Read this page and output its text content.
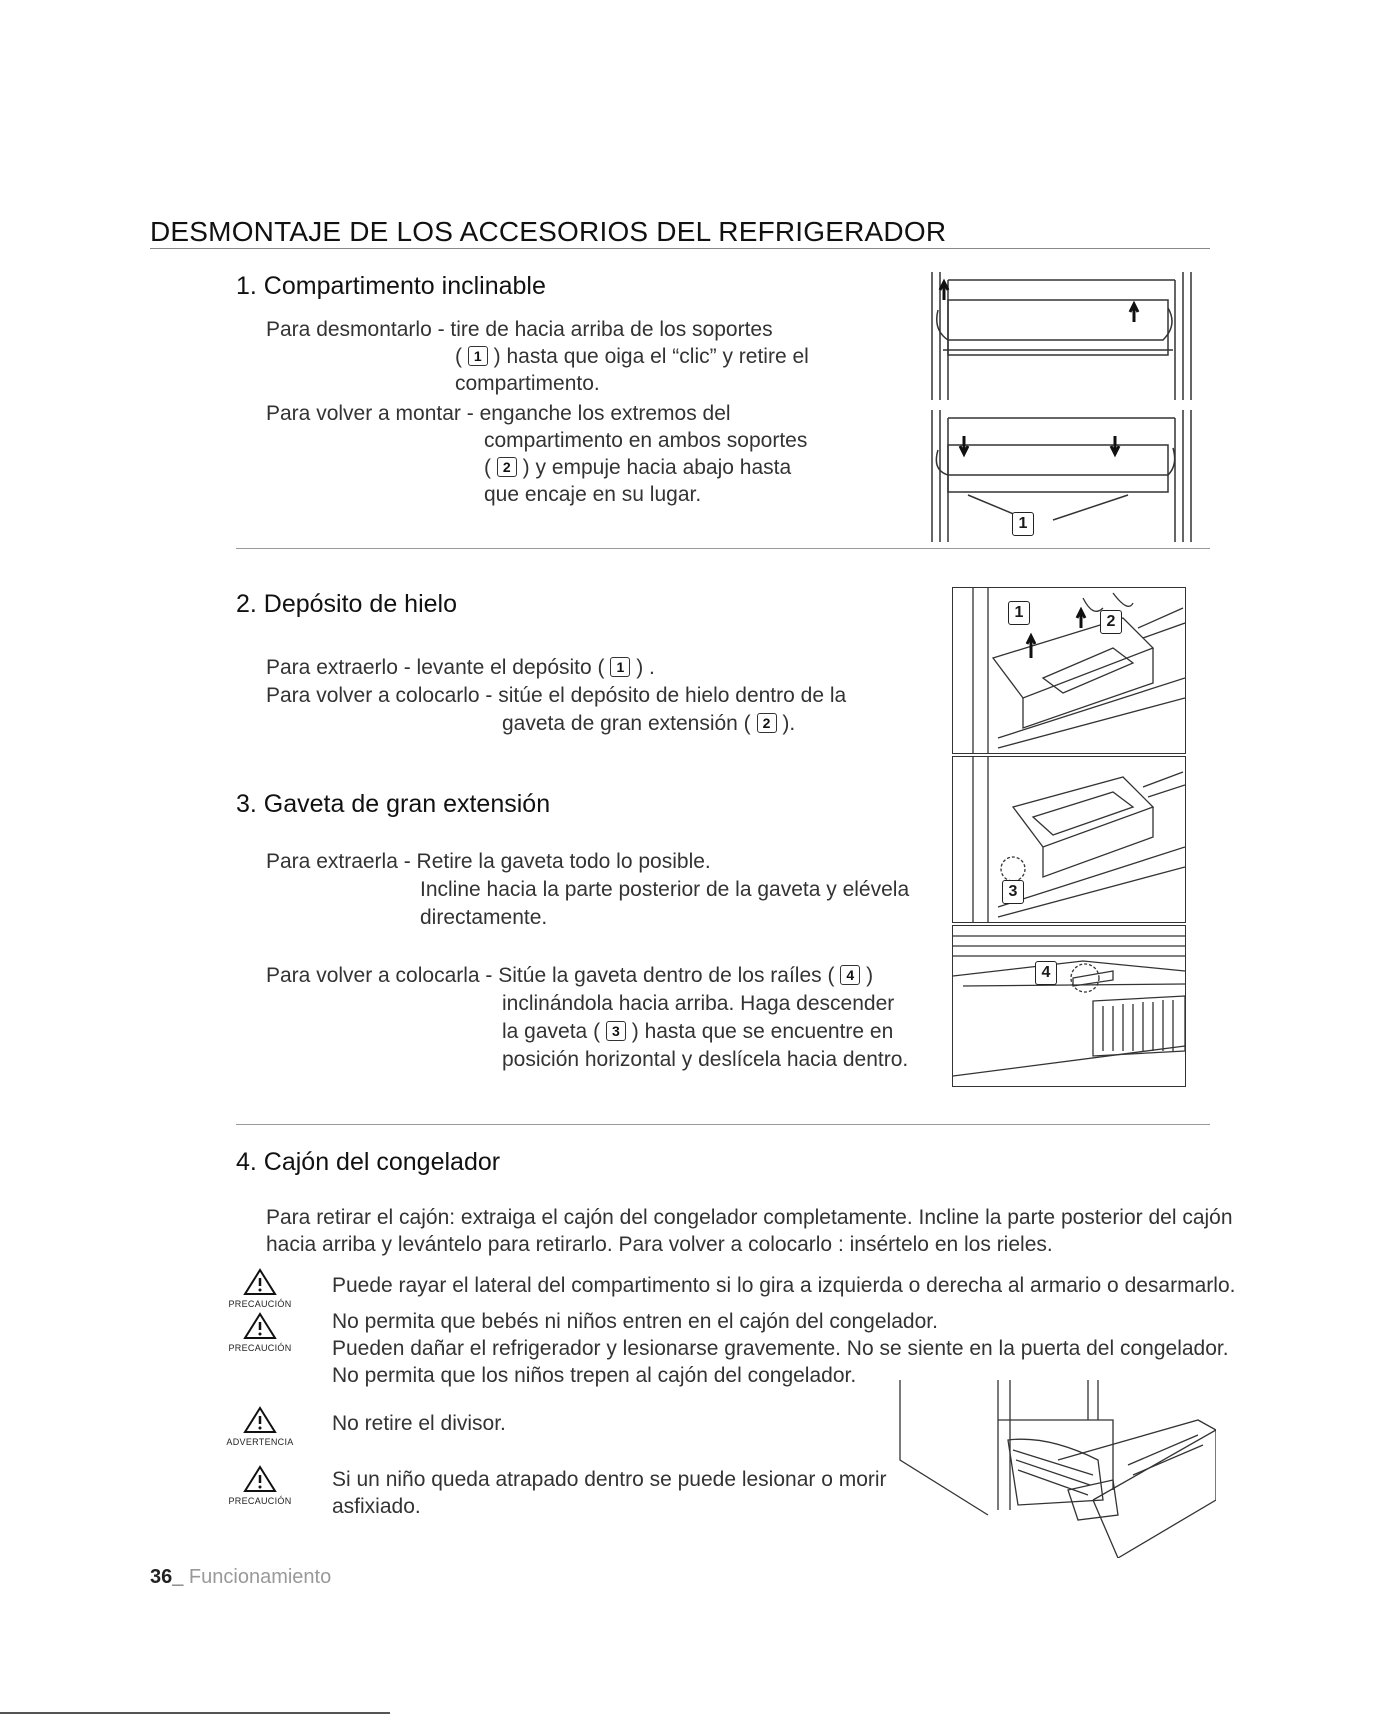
DESMONTAJE DE LOS ACCESORIOS DEL REFRIGERADOR
1. Compartimento inclinable
Para desmontarlo - tire de hacia arriba de los soportes
( 1 ) hasta que oiga el “clic” y retire el
compartimento.
Para volver a montar - enganche los extremos del
compartimento en ambos soportes
( 2 ) y empuje hacia abajo hasta
que encaje en su lugar.
1
2. Depósito de hielo
Para extraerlo - levante el depósito ( 1 ) .
Para volver a colocarlo - sitúe el depósito de hielo dentro de la
gaveta de gran extensión ( 2 ).
1
2
3. Gaveta de gran extensión
Para extraerla - Retire la gaveta todo lo posible.
Incline hacia la parte posterior de la gaveta y elévela
directamente.
Para volver a colocarla - Sitúe la gaveta dentro de los raíles ( 4 )
inclinándola hacia arriba. Haga descender
la gaveta ( 3 ) hasta que se encuentre en
posición horizontal y deslícela hacia dentro.
3
4
4. Cajón del congelador
Para retirar el cajón: extraiga el cajón del congelador completamente. Incline la parte posterior del cajón
hacia arriba y levántelo para retirarlo. Para volver a colocarlo : insértelo en los rieles.
PRECAUCIÓN
Puede rayar el lateral del compartimento si lo gira a izquierda o derecha al armario o desarmarlo.
PRECAUCIÓN
No permita que bebés ni niños entren en el cajón del congelador.
Pueden dañar el refrigerador y lesionarse gravemente. No se siente en la puerta del congelador.
No permita que los niños trepen al cajón del congelador.
ADVERTENCIA
No retire el divisor.
PRECAUCIÓN
Si un niño queda atrapado dentro se puede lesionar o morir
asfixiado.
36_ Funcionamiento
